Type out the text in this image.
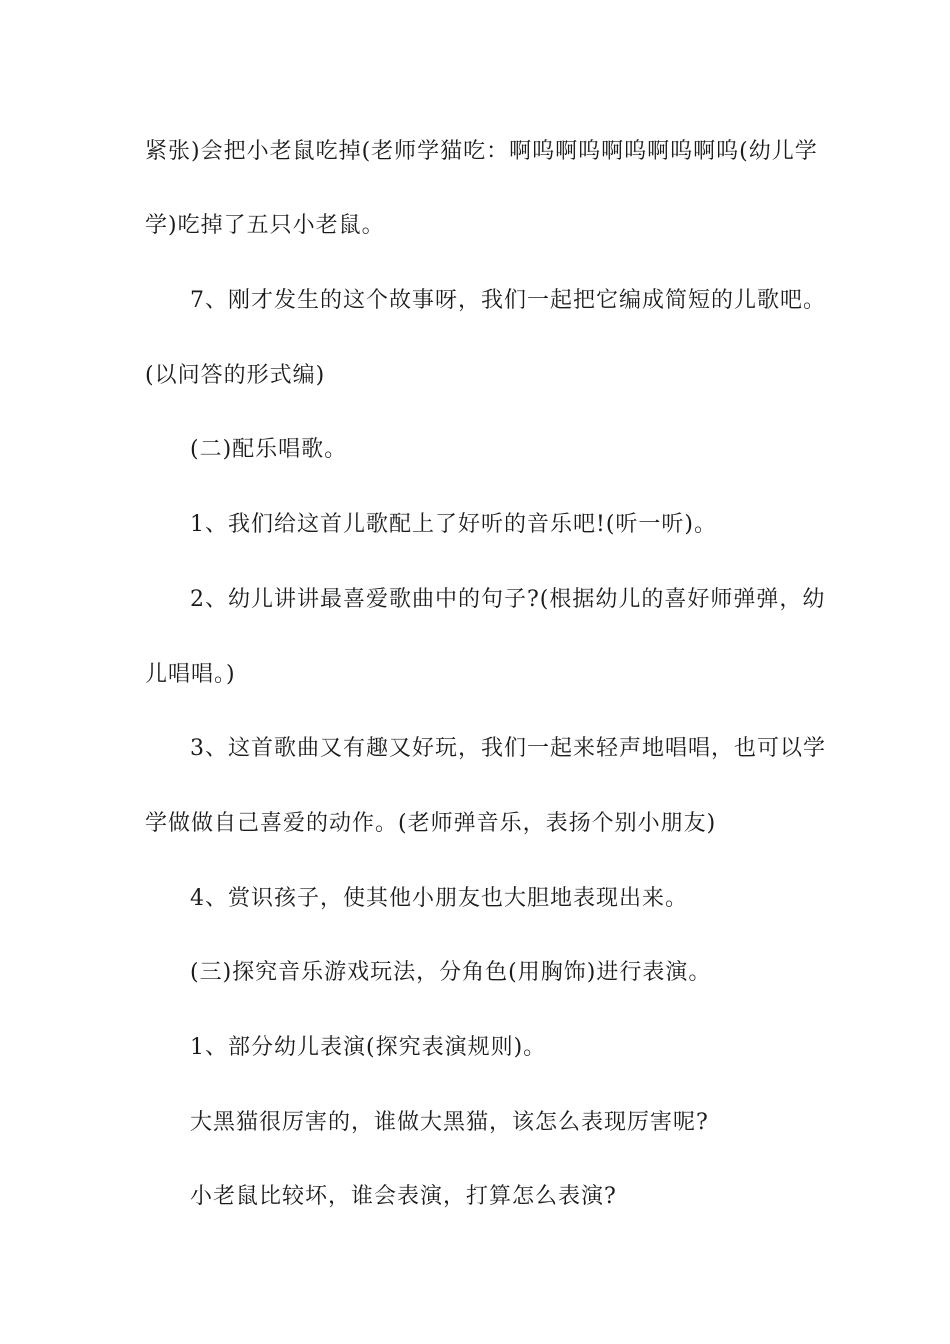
紧张)会把小老鼠吃掉(老师学猫吃：啊呜啊呜啊呜啊呜啊呜(幼儿学
学)吃掉了五只小老鼠。
7、刚才发生的这个故事呀，我们一起把它编成简短的儿歌吧。
(以问答的形式编)
(二)配乐唱歌。
1、我们给这首儿歌配上了好听的音乐吧!(听一听)。
2、幼儿讲讲最喜爱歌曲中的句子?(根据幼儿的喜好师弹弹，幼
儿唱唱。)
3、这首歌曲又有趣又好玩，我们一起来轻声地唱唱，也可以学
学做做自己喜爱的动作。(老师弹音乐，表扬个别小朋友)
4、赏识孩子，使其他小朋友也大胆地表现出来。
(三)探究音乐游戏玩法，分角色(用胸饰)进行表演。
1、部分幼儿表演(探究表演规则)。
大黑猫很厉害的，谁做大黑猫，该怎么表现厉害呢?
小老鼠比较坏，谁会表演，打算怎么表演?
